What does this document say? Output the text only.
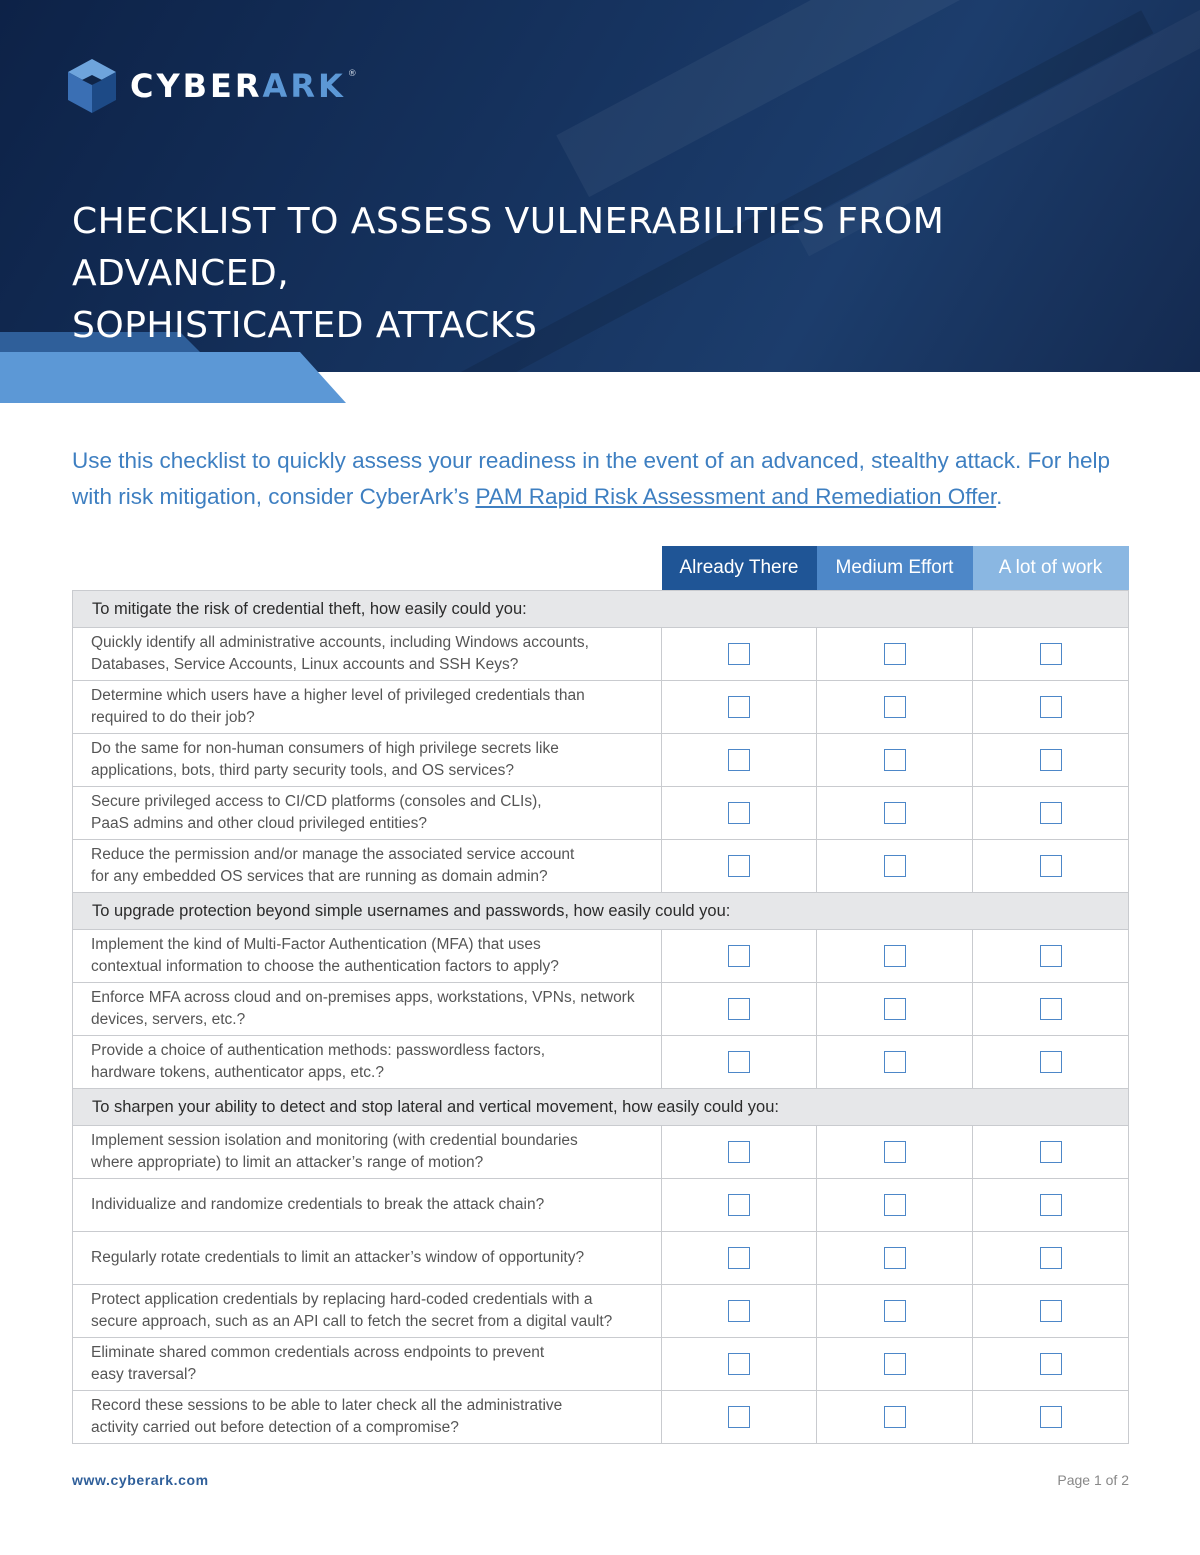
CYBERARK ®
CHECKLIST TO ASSESS VULNERABILITIES FROM ADVANCED,
SOPHISTICATED ATTACKS

Use this checklist to quickly assess your readiness in the event of an advanced, stealthy attack. For help with risk mitigation, consider CyberArk’s PAM Rapid Risk Assessment and Remediation Offer.

	Already There	Medium Effort	A lot of work
To mitigate the risk of credential theft, how easily could you:			
Quickly identify all administrative accounts, including Windows accounts,
Databases, Service Accounts, Linux accounts and SSH Keys?	

Determine which users have a higher level of privileged credentials than
required to do their job?	

Do the same for non-human consumers of high privilege secrets like
applications, bots, third party security tools, and OS services?	

Secure privileged access to CI/CD platforms (consoles and CLIs),
PaaS admins and other cloud privileged entities?	

Reduce the permission and/or manage the associated service account
for any embedded OS services that are running as domain admin?	

To upgrade protection beyond simple usernames and passwords, how easily could you:			
Implement the kind of Multi-Factor Authentication (MFA) that uses
contextual information to choose the authentication factors to apply?	

Enforce MFA across cloud and on-premises apps, workstations, VPNs, network
devices, servers, etc.?	

Provide a choice of authentication methods: passwordless factors,
hardware tokens, authenticator apps, etc.?	

To sharpen your ability to detect and stop lateral and vertical movement, how easily could you:			
Implement session isolation and monitoring (with credential boundaries
where appropriate) to limit an attacker’s range of motion?	

Individualize and randomize credentials to break the attack chain?	

Regularly rotate credentials to limit an attacker’s window of opportunity?	

Protect application credentials by replacing hard-coded credentials with a
secure approach, such as an API call to fetch the secret from a digital vault?	

Eliminate shared common credentials across endpoints to prevent
easy traversal?	

Record these sessions to be able to later check all the administrative
activity carried out before detection of a compromise?	

www.cyberark.com	Page 1 of 2
